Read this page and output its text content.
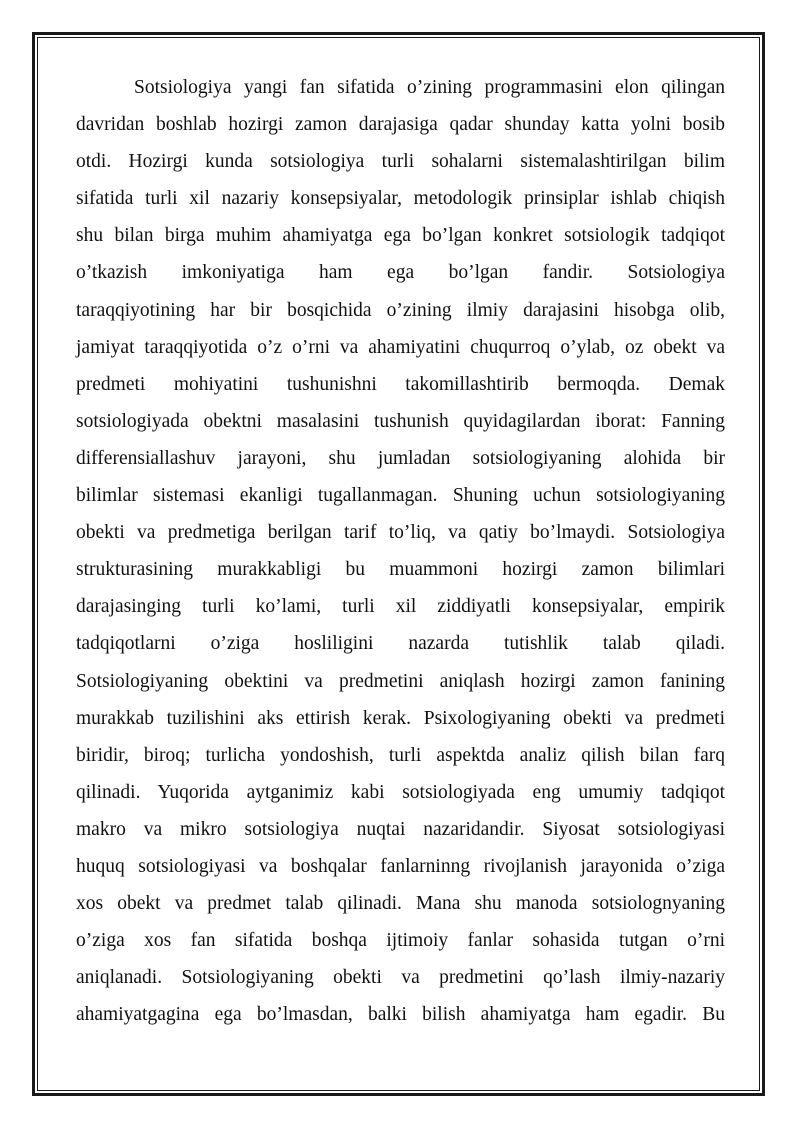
Sotsiologiya yangi fan sifatida o’zining programmasini elon qilingan
davridan boshlab hozirgi zamon darajasiga qadar shunday katta yolni bosib
otdi. Hozirgi kunda sotsiologiya turli sohalarni sistemalashtirilgan bilim
sifatida turli xil nazariy konsepsiyalar, metodologik prinsiplar ishlab chiqish
shu bilan birga muhim ahamiyatga ega bo’lgan konkret sotsiologik tadqiqot
o’tkazish imkoniyatiga ham ega bo’lgan fandir. Sotsiologiya
taraqqiyotining har bir bosqichida o’zining ilmiy darajasini hisobga olib,
jamiyat taraqqiyotida o’z o’rni va ahamiyatini chuqurroq o’ylab, oz obekt va
predmeti mohiyatini tushunishni takomillashtirib bermoqda. Demak
sotsiologiyada obektni masalasini tushunish quyidagilardan iborat: Fanning
differensiallashuv jarayoni, shu jumladan sotsiologiyaning alohida bir
bilimlar sistemasi ekanligi tugallanmagan. Shuning uchun sotsiologiyaning
obekti va predmetiga berilgan tarif to’liq, va qatiy bo’lmaydi. Sotsiologiya
strukturasining murakkabligi bu muammoni hozirgi zamon bilimlari
darajasinging turli ko’lami, turli xil ziddiyatli konsepsiyalar, empirik
tadqiqotlarni o’ziga hosliligini nazarda tutishlik talab qiladi.
Sotsiologiyaning obektini va predmetini aniqlash hozirgi zamon fanining
murakkab tuzilishini aks ettirish kerak. Psixologiyaning obekti va predmeti
biridir, biroq; turlicha yondoshish, turli aspektda analiz qilish bilan farq
qilinadi. Yuqorida aytganimiz kabi sotsiologiyada eng umumiy tadqiqot
makro va mikro sotsiologiya nuqtai nazaridandir. Siyosat sotsiologiyasi
huquq sotsiologiyasi va boshqalar fanlarninng rivojlanish jarayonida o’ziga
xos obekt va predmet talab qilinadi. Mana shu manoda sotsiolognyaning
o’ziga xos fan sifatida boshqa ijtimoiy fanlar sohasida tutgan o’rni
aniqlanadi. Sotsiologiyaning obekti va predmetini qo’lash ilmiy-nazariy
ahamiyatgagina ega bo’lmasdan, balki bilish ahamiyatga ham egadir. Bu
